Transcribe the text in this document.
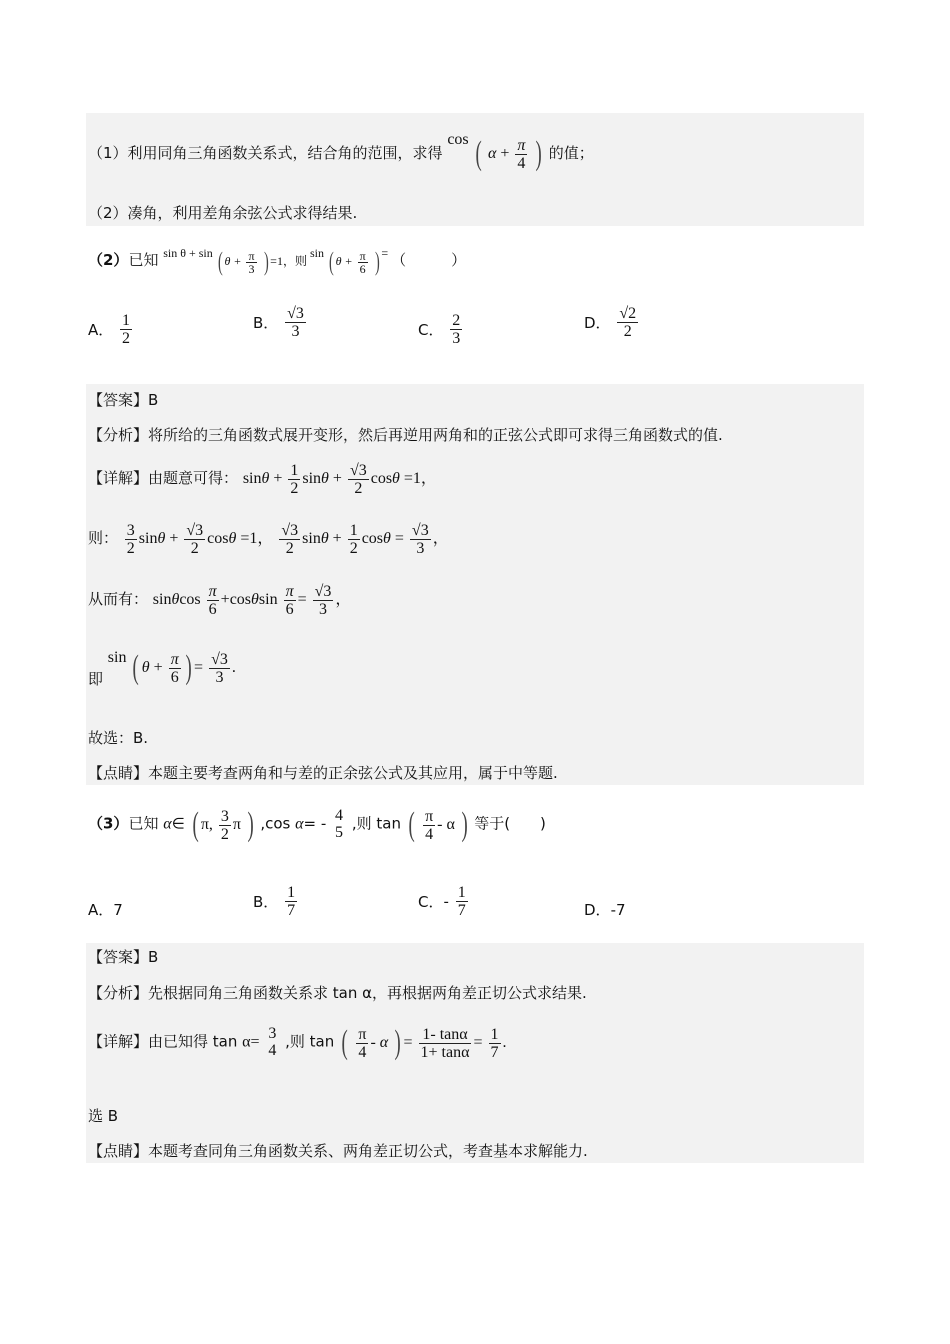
（1）利用同角三角函数关系式，结合角的范围，求得 cos ( $\alpha + \frac{\pi}{4}$ ) 的值；
（2）凑角，利用差角余弦公式求得结果.
（2）已知 sin θ + sin ( $\theta + \frac{\pi}{3}$ ) =1，则 sin ( $\theta + \frac{\pi}{6}$ ) = （　　　）
A． $\frac{1}{2}$	B． $\frac{√3}{3}$	C． $\frac{2}{3}$	D． $\frac{√2}{2}$
【答案】B
【分析】将所给的三角函数式展开变形，然后再逆用两角和的正弦公式即可求得三角函数式的值.
【详解】由题意可得： $\sin\theta + \frac{1}{2}$ $\sin\theta + \frac{√3}{2}$ cosθ =1，
则： $\frac{3}{2}$ $\sin\theta + \frac{√3}{2}$ cosθ =1， $\frac{√3}{2}$ $\sin\theta + \frac{1}{2}$ $\cos\theta = \frac{√3}{3}$ ，
从而有： sinθcos $\frac{\pi}{6} +\cos\theta\sin \frac{\pi}{6} = \frac{√3}{3}$ ，
即 sin ( $\theta + \frac{\pi}{6}$ ) = $\frac{√3}{3}$ .
故选：B.
【点睛】本题主要考查两角和与差的正余弦公式及其应用，属于中等题.
（3）已知 α∈ ( π, $\frac{3}{2}$ π ) ,cos α= - 4
5 ,则 tan ( $\frac{\pi}{4}$ - α ) 等于(　　)
A．7	B． $\frac{1}{7}$	C．- $\frac{1}{7}$	D．-7
【答案】B
【分析】先根据同角三角函数关系求 tan α，再根据两角差正切公式求结果.
【详解】由已知得 tan α= 3
4 ,则 tan ( $\frac{\pi}{4}$ - α ) = $\frac{1- \tan\alpha}{1+ \tan\alpha} = \frac{1}{7}$ .
选 B
【点睛】本题考查同角三角函数关系、两角差正切公式，考查基本求解能力.
